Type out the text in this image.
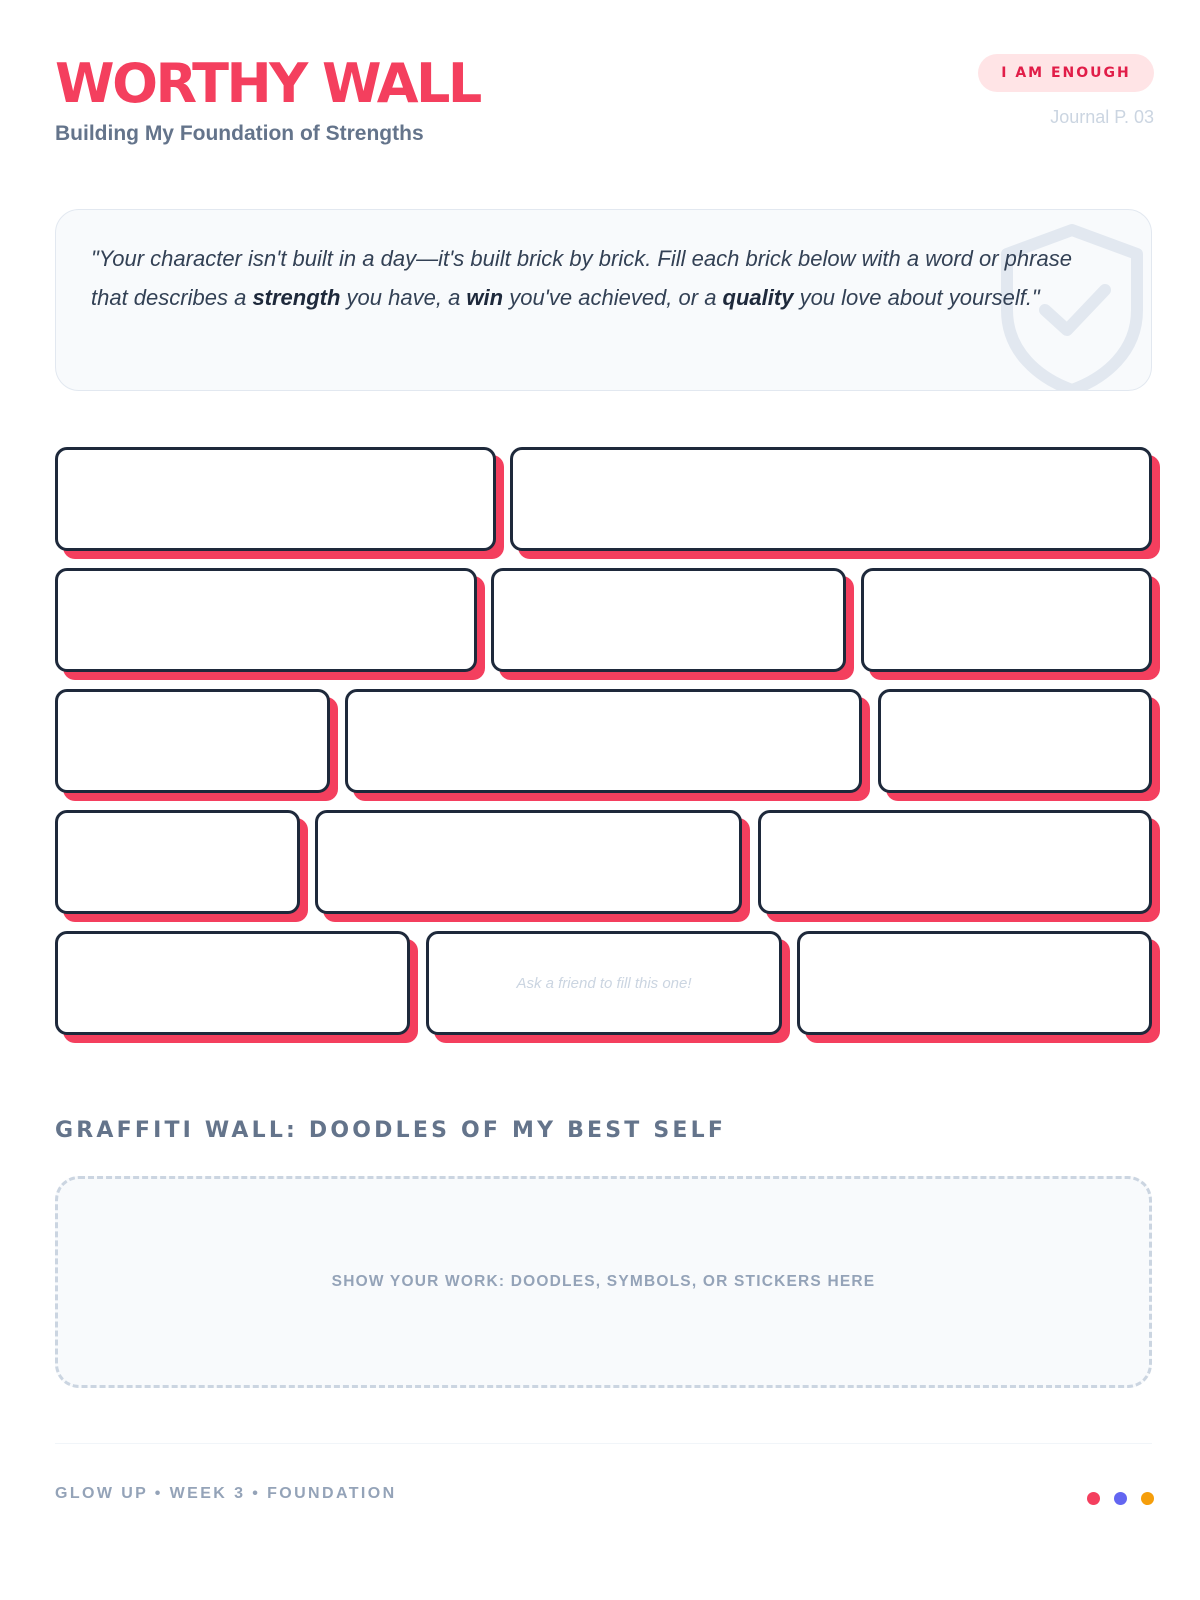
WORTHY WALL
Building My Foundation of Strengths
I AM ENOUGH
Journal P. 03

"Your character isn't built in a day—it's built brick by brick. Fill each brick below with a word or phrase that describes a strength you have, a win you've achieved, or a quality you love about yourself."

Ask a friend to fill this one!
GRAFFITI WALL: DOODLES OF MY BEST SELF
SHOW YOUR WORK: DOODLES, SYMBOLS, OR STICKERS HERE
GLOW UP • WEEK 3 • FOUNDATION
